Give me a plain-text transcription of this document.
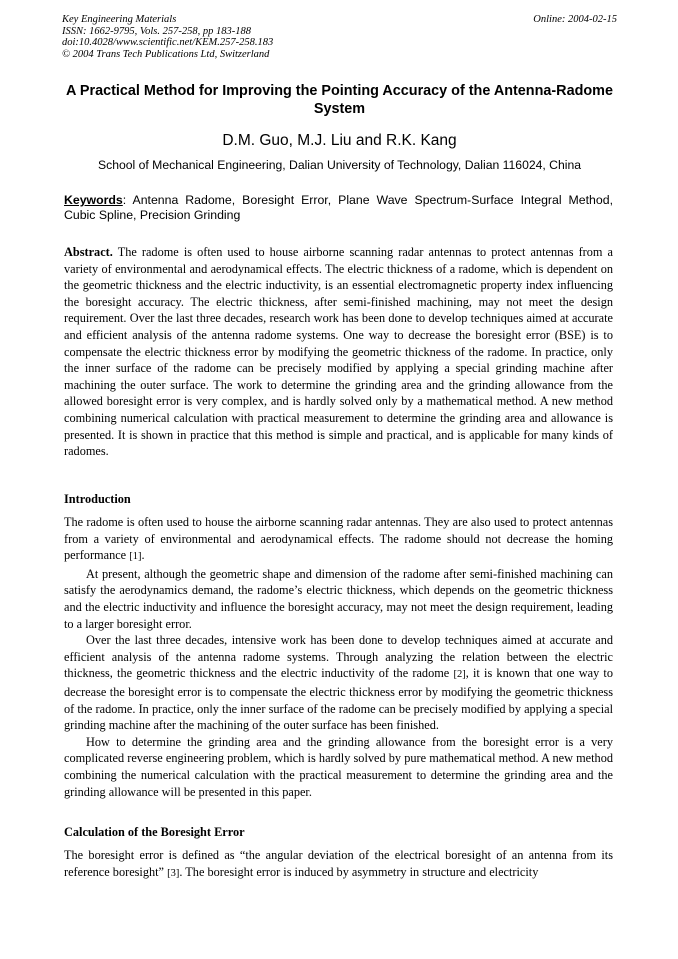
Key Engineering Materials
ISSN: 1662-9795, Vols. 257-258, pp 183-188
doi:10.4028/www.scientific.net/KEM.257-258.183
© 2004 Trans Tech Publications Ltd, Switzerland
Online: 2004-02-15
A Practical Method for Improving the Pointing Accuracy of the Antenna-Radome System
D.M. Guo, M.J. Liu and R.K. Kang
School of Mechanical Engineering, Dalian University of Technology, Dalian 116024, China
Keywords: Antenna Radome, Boresight Error, Plane Wave Spectrum-Surface Integral Method, Cubic Spline, Precision Grinding
Abstract. The radome is often used to house airborne scanning radar antennas to protect antennas from a variety of environmental and aerodynamical effects. The electric thickness of a radome, which is dependent on the geometric thickness and the electric inductivity, is an essential electromagnetic property index influencing the boresight accuracy. The electric thickness, after semi-finished machining, may not meet the design requirement. Over the last three decades, research work has been done to develop techniques aimed at accurate and efficient analysis of the antenna radome systems. One way to decrease the boresight error (BSE) is to compensate the electric thickness error by modifying the geometric thickness of the radome. In practice, only the inner surface of the radome can be precisely modified by applying a special grinding machine after machining the outer surface. The work to determine the grinding area and the grinding allowance from the allowed boresight error is very complex, and is hardly solved only by a mathematical method. A new method combining numerical calculation with practical measurement to determine the grinding area and allowance is presented. It is shown in practice that this method is simple and practical, and is applicable for many kinds of radomes.
Introduction

The radome is often used to house the airborne scanning radar antennas. They are also used to protect antennas from a variety of environmental and aerodynamical effects. The radome should not decrease the homing performance [1].

At present, although the geometric shape and dimension of the radome after semi-finished machining can satisfy the aerodynamics demand, the radome’s electric thickness, which depends on the geometric thickness and the electric inductivity and influence the boresight accuracy, may not meet the design requirement, leading to a larger boresight error.

Over the last three decades, intensive work has been done to develop techniques aimed at accurate and efficient analysis of the antenna radome systems. Through analyzing the relation between the electric thickness, the geometric thickness and the electric inductivity of the radome [2], it is known that one way to decrease the boresight error is to compensate the electric thickness error by modifying the geometric thickness of the radome. In practice, only the inner surface of the radome can be precisely modified by applying a special grinding machine after the machining of the outer surface has been finished.

How to determine the grinding area and the grinding allowance from the boresight error is a very complicated reverse engineering problem, which is hardly solved by pure mathematical method. A new method combining the numerical calculation with the practical measurement to determine the grinding area and the grinding allowance will be presented in this paper.

Calculation of the Boresight Error

The boresight error is defined as “the angular deviation of the electrical boresight of an antenna from its reference boresight” [3]. The boresight error is induced by asymmetry in structure and electricity
